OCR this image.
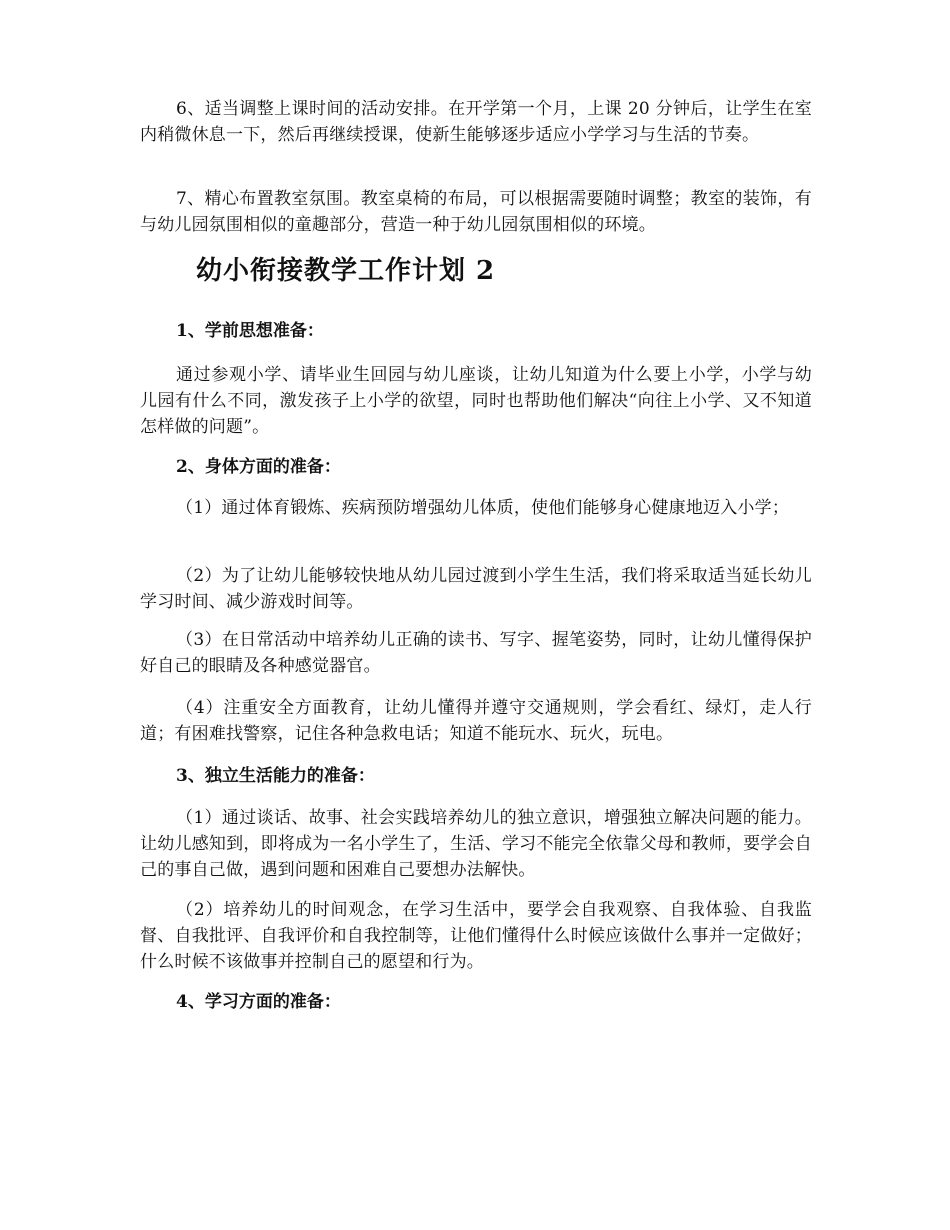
6、适当调整上课时间的活动安排。在开学第一个月，上课 20 分钟后，让学生在室内稍微休息一下，然后再继续授课，使新生能够逐步适应小学学习与生活的节奏。

7、精心布置教室氛围。教室桌椅的布局，可以根据需要随时调整；教室的装饰，有与幼儿园氛围相似的童趣部分，营造一种于幼儿园氛围相似的环境。

幼小衔接教学工作计划 2
1、学前思想准备：

通过参观小学、请毕业生回园与幼儿座谈，让幼儿知道为什么要上小学，小学与幼儿园有什么不同，激发孩子上小学的欲望，同时也帮助他们解决“向往上小学、又不知道怎样做的问题”。

2、身体方面的准备：

（1）通过体育锻炼、疾病预防增强幼儿体质，使他们能够身心健康地迈入小学；

（2）为了让幼儿能够较快地从幼儿园过渡到小学生生活，我们将采取适当延长幼儿学习时间、减少游戏时间等。

（3）在日常活动中培养幼儿正确的读书、写字、握笔姿势，同时，让幼儿懂得保护好自己的眼睛及各种感觉器官。

（4）注重安全方面教育，让幼儿懂得并遵守交通规则，学会看红、绿灯，走人行道；有困难找警察，记住各种急救电话；知道不能玩水、玩火，玩电。

3、独立生活能力的准备：

（1）通过谈话、故事、社会实践培养幼儿的独立意识，增强独立解决问题的能力。让幼儿感知到，即将成为一名小学生了，生活、学习不能完全依靠父母和教师，要学会自己的事自己做，遇到问题和困难自己要想办法解快。

（2）培养幼儿的时间观念，在学习生活中，要学会自我观察、自我体验、自我监督、自我批评、自我评价和自我控制等，让他们懂得什么时候应该做什么事并一定做好；什么时候不该做事并控制自己的愿望和行为。

4、学习方面的准备：
